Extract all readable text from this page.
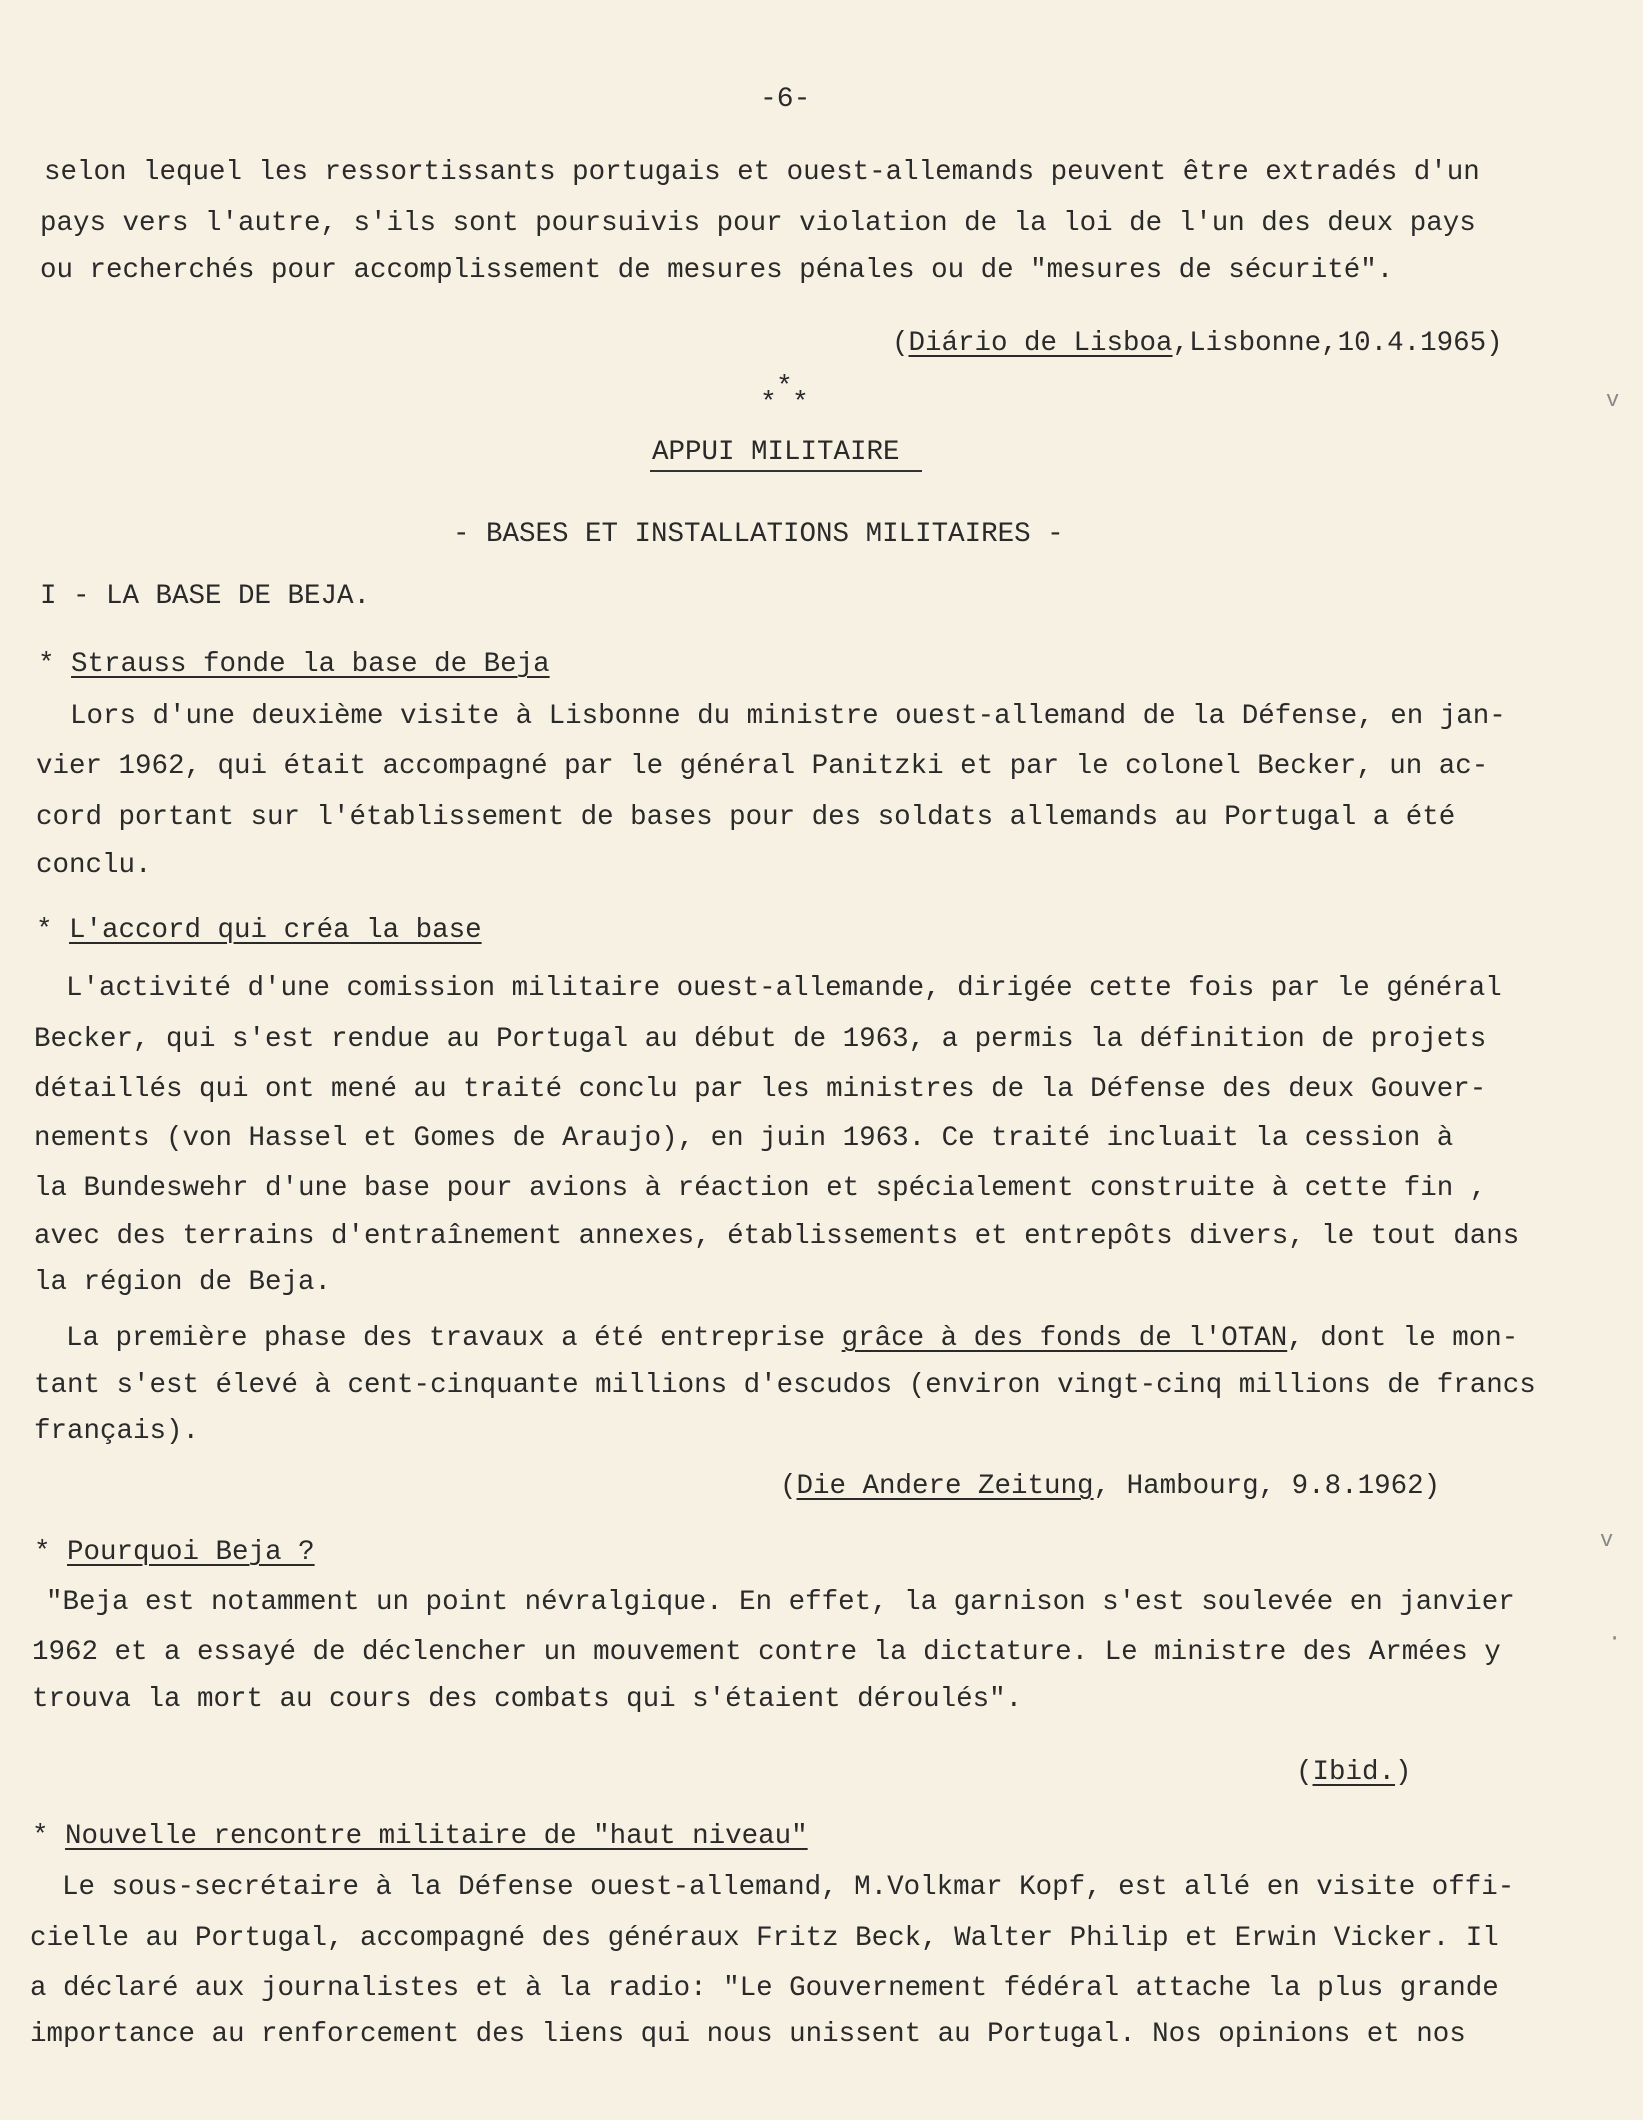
-6-
selon lequel les ressortissants portugais et ouest-allemands peuvent être extradés d'un
pays vers l'autre, s'ils sont poursuivis pour violation de la loi de l'un des deux pays
ou recherchés pour accomplissement de mesures pénales ou de "mesures de sécurité".
(Diário de Lisboa,Lisbonne,10.4.1965)
*
* *
APPUI MILITAIRE
- BASES ET INSTALLATIONS MILITAIRES -
I - LA BASE DE BEJA.
* Strauss fonde la base de Beja
Lors d'une deuxième visite à Lisbonne du ministre ouest-allemand de la Défense, en jan-
vier 1962, qui était accompagné par le général Panitzki et par le colonel Becker, un ac-
cord portant sur l'établissement de bases pour des soldats allemands au Portugal a été
conclu.
* L'accord qui créa la base
L'activité d'une comission militaire ouest-allemande, dirigée cette fois par le général
Becker, qui s'est rendue au Portugal au début de 1963, a permis la définition de projets
détaillés qui ont mené au traité conclu par les ministres de la Défense des deux Gouver-
nements (von Hassel et Gomes de Araujo), en juin 1963. Ce traité incluait la cession à
la Bundeswehr d'une base pour avions à réaction et spécialement construite à cette fin ,
avec des terrains d'entraînement annexes, établissements et entrepôts divers, le tout dans
la région de Beja.
La première phase des travaux a été entreprise grâce à des fonds de l'OTAN, dont le mon-
tant s'est élevé à cent-cinquante millions d'escudos (environ vingt-cinq millions de francs
français).
(Die Andere Zeitung, Hambourg, 9.8.1962)
* Pourquoi Beja ?
"Beja est notamment un point névralgique. En effet, la garnison s'est soulevée en janvier
1962 et a essayé de déclencher un mouvement contre la dictature. Le ministre des Armées y
trouva la mort au cours des combats qui s'étaient déroulés".
(Ibid.)
* Nouvelle rencontre militaire de "haut niveau"
Le sous-secrétaire à la Défense ouest-allemand, M.Volkmar Kopf, est allé en visite offi-
cielle au Portugal, accompagné des généraux Fritz Beck, Walter Philip et Erwin Vicker. Il
a déclaré aux journalistes et à la radio: "Le Gouvernement fédéral attache la plus grande
importance au renforcement des liens qui nous unissent au Portugal. Nos opinions et nos
v
v
·
